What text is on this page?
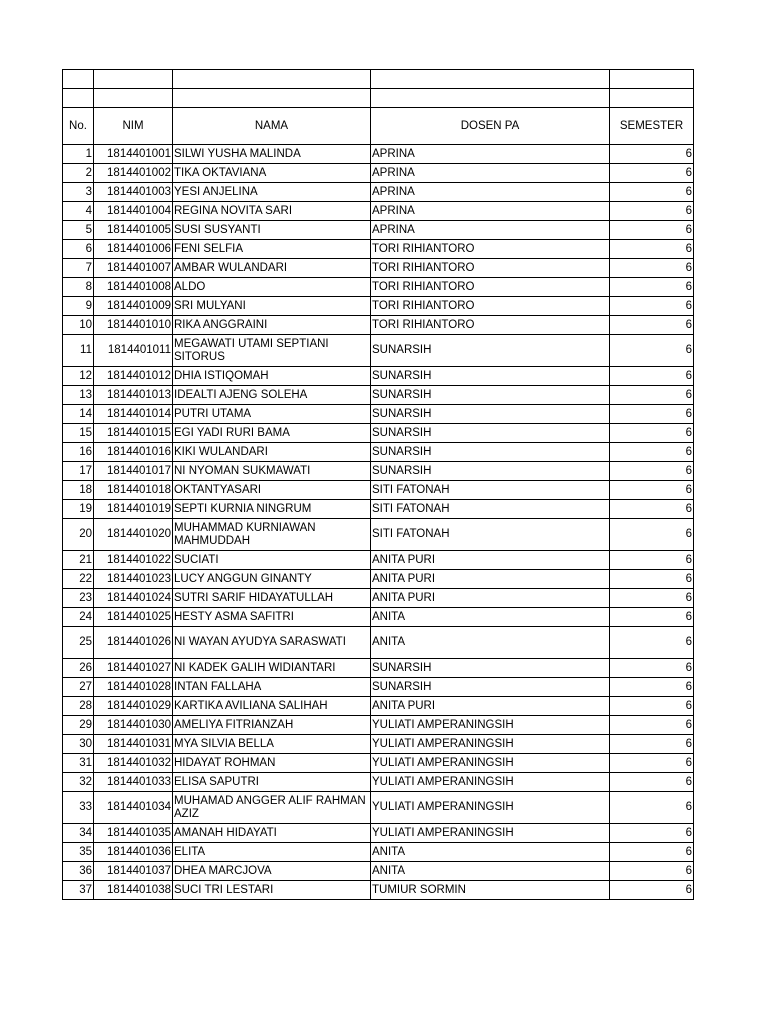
No.	NIM	NAMA	DOSEN PA	SEMESTER
1	1814401001	SILWI YUSHA MALINDA	APRINA	6
2	1814401002	TIKA OKTAVIANA	APRINA	6
3	1814401003	YESI ANJELINA	APRINA	6
4	1814401004	REGINA NOVITA SARI	APRINA	6
5	1814401005	SUSI SUSYANTI	APRINA	6
6	1814401006	FENI SELFIA	TORI RIHIANTORO	6
7	1814401007	AMBAR WULANDARI	TORI RIHIANTORO	6
8	1814401008	ALDO	TORI RIHIANTORO	6
9	1814401009	SRI MULYANI	TORI RIHIANTORO	6
10	1814401010	RIKA ANGGRAINI	TORI RIHIANTORO	6
11	1814401011	MEGAWATI UTAMI SEPTIANI SITORUS	SUNARSIH	6
12	1814401012	DHIA ISTIQOMAH	SUNARSIH	6
13	1814401013	IDEALTI AJENG SOLEHA	SUNARSIH	6
14	1814401014	PUTRI UTAMA	SUNARSIH	6
15	1814401015	EGI YADI RURI BAMA	SUNARSIH	6
16	1814401016	KIKI WULANDARI	SUNARSIH	6
17	1814401017	NI NYOMAN SUKMAWATI	SUNARSIH	6
18	1814401018	OKTANTYASARI	SITI FATONAH	6
19	1814401019	SEPTI KURNIA NINGRUM	SITI FATONAH	6
20	1814401020	MUHAMMAD KURNIAWAN MAHMUDDAH	SITI FATONAH	6
21	1814401022	SUCIATI	ANITA PURI	6
22	1814401023	LUCY ANGGUN GINANTY	ANITA PURI	6
23	1814401024	SUTRI SARIF HIDAYATULLAH	ANITA PURI	6
24	1814401025	HESTY ASMA SAFITRI	ANITA	6
25	1814401026	NI WAYAN AYUDYA SARASWATI	ANITA	6
26	1814401027	NI KADEK GALIH WIDIANTARI	SUNARSIH	6
27	1814401028	INTAN FALLAHA	SUNARSIH	6
28	1814401029	KARTIKA AVILIANA SALIHAH	ANITA PURI	6
29	1814401030	AMELIYA FITRIANZAH	YULIATI AMPERANINGSIH	6
30	1814401031	MYA SILVIA BELLA	YULIATI AMPERANINGSIH	6
31	1814401032	HIDAYAT ROHMAN	YULIATI AMPERANINGSIH	6
32	1814401033	ELISA SAPUTRI	YULIATI AMPERANINGSIH	6
33	1814401034	MUHAMAD ANGGER ALIF RAHMAN AZIZ	YULIATI AMPERANINGSIH	6
34	1814401035	AMANAH HIDAYATI	YULIATI AMPERANINGSIH	6
35	1814401036	ELITA	ANITA	6
36	1814401037	DHEA MARCJOVA	ANITA	6
37	1814401038	SUCI TRI LESTARI	TUMIUR SORMIN	6
